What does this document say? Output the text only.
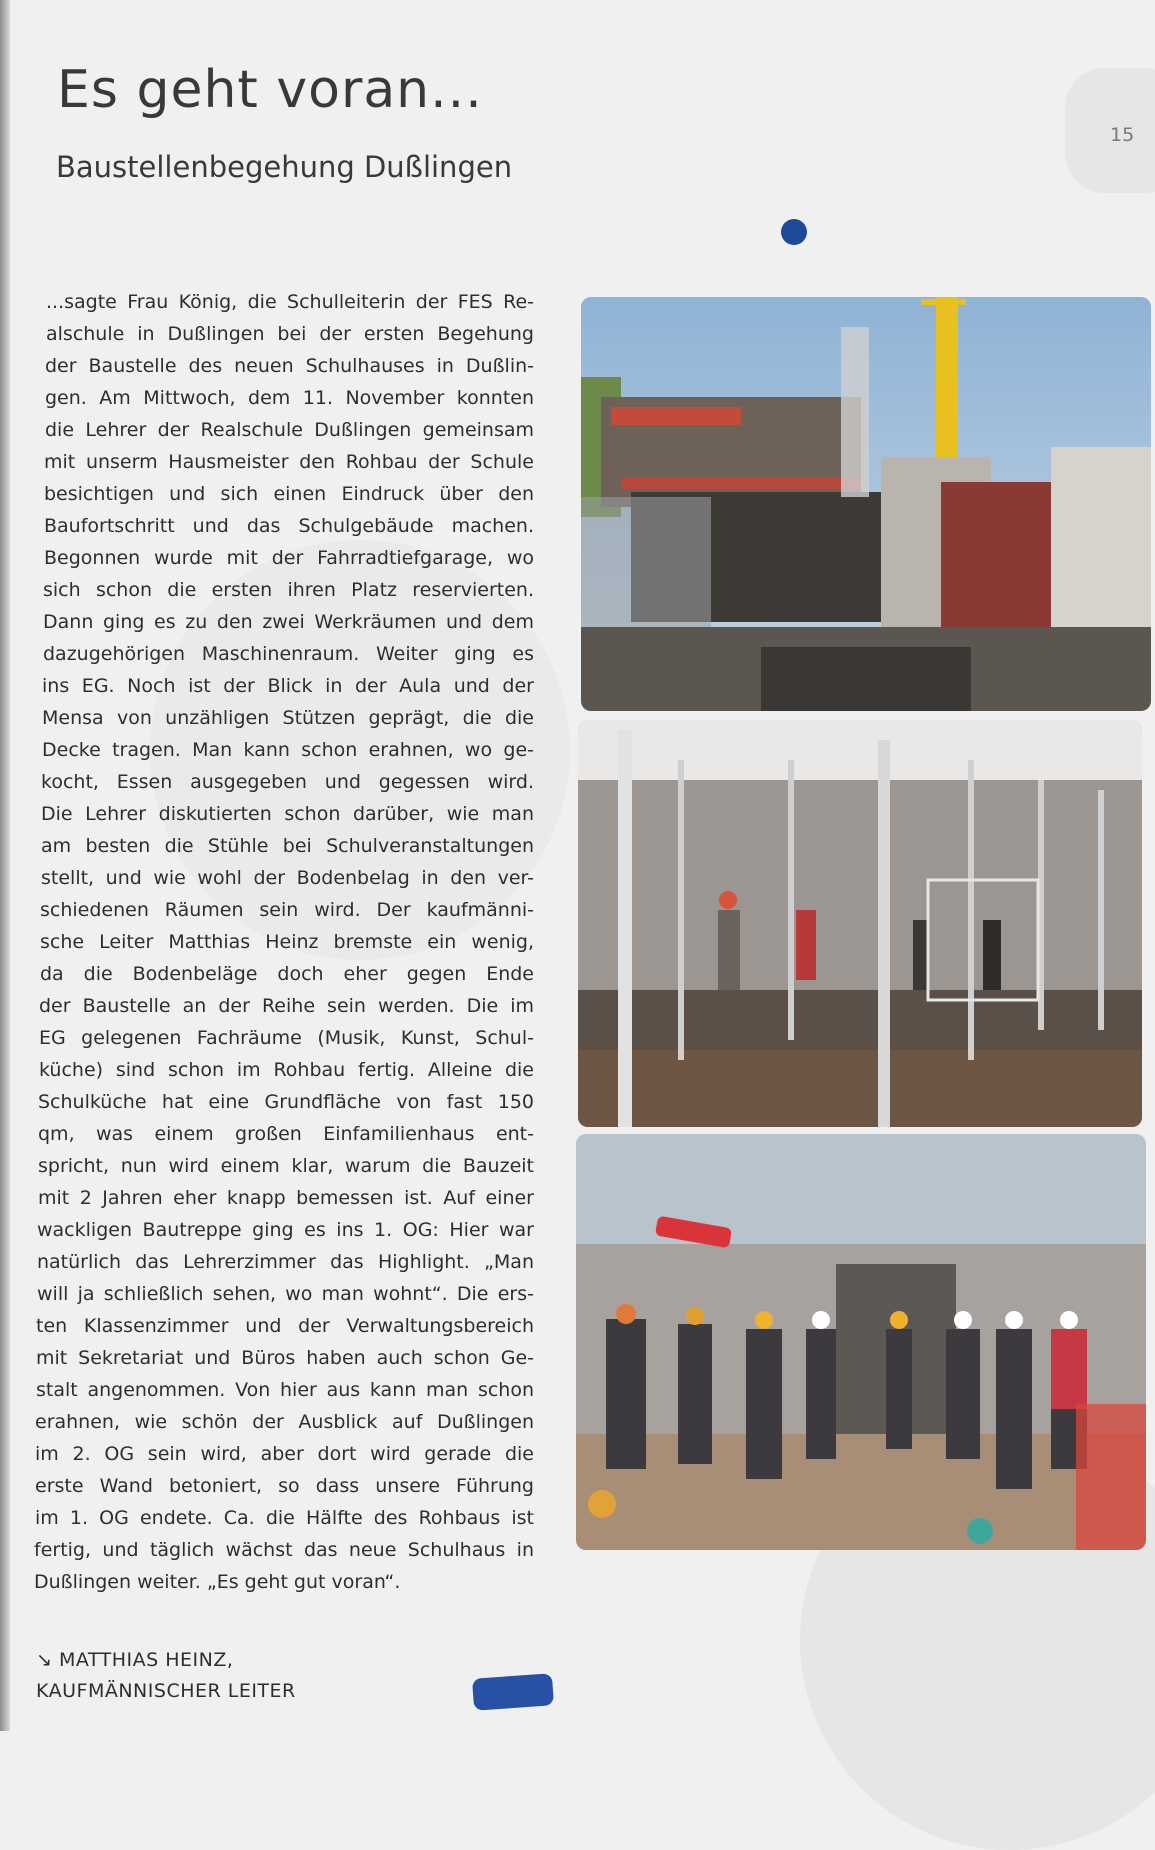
Es geht voran...
Baustellenbegehung Dußlingen
15
...sagte Frau König, die Schulleiterin der FES Re-
alschule in Dußlingen bei der ersten Begehung
der Baustelle des neuen Schulhauses in Dußlin-
gen. Am Mittwoch, dem 11. November konnten
die Lehrer der Realschule Dußlingen gemeinsam
mit unserm Hausmeister den Rohbau der Schule
besichtigen und sich einen Eindruck über den
Baufortschritt und das Schulgebäude machen.
Begonnen wurde mit der Fahrradtiefgarage, wo
sich schon die ersten ihren Platz reservierten.
Dann ging es zu den zwei Werkräumen und dem
dazugehörigen Maschinenraum. Weiter ging es
ins EG. Noch ist der Blick in der Aula und der
Mensa von unzähligen Stützen geprägt, die die
Decke tragen. Man kann schon erahnen, wo ge-
kocht, Essen ausgegeben und gegessen wird.
Die Lehrer diskutierten schon darüber, wie man
am besten die Stühle bei Schulveranstaltungen
stellt, und wie wohl der Bodenbelag in den ver-
schiedenen Räumen sein wird. Der kaufmänni-
sche Leiter Matthias Heinz bremste ein wenig,
da die Bodenbeläge doch eher gegen Ende
der Baustelle an der Reihe sein werden. Die im
EG gelegenen Fachräume (Musik, Kunst, Schul-
küche) sind schon im Rohbau fertig. Alleine die
Schulküche hat eine Grundfläche von fast 150
qm, was einem großen Einfamilienhaus ent-
spricht, nun wird einem klar, warum die Bauzeit
mit 2 Jahren eher knapp bemessen ist. Auf einer
wackligen Bautreppe ging es ins 1. OG: Hier war
natürlich das Lehrerzimmer das Highlight. „Man
will ja schließlich sehen, wo man wohnt“. Die ers-
ten Klassenzimmer und der Verwaltungsbereich
mit Sekretariat und Büros haben auch schon Ge-
stalt angenommen. Von hier aus kann man schon
erahnen, wie schön der Ausblick auf Dußlingen
im 2. OG sein wird, aber dort wird gerade die
erste Wand betoniert, so dass unsere Führung
im 1. OG endete. Ca. die Hälfte des Rohbaus ist
fertig, und täglich wächst das neue Schulhaus in
Dußlingen weiter. „Es geht gut voran“.
↘ MATTHIAS HEINZ,
KAUFMÄNNISCHER LEITER
